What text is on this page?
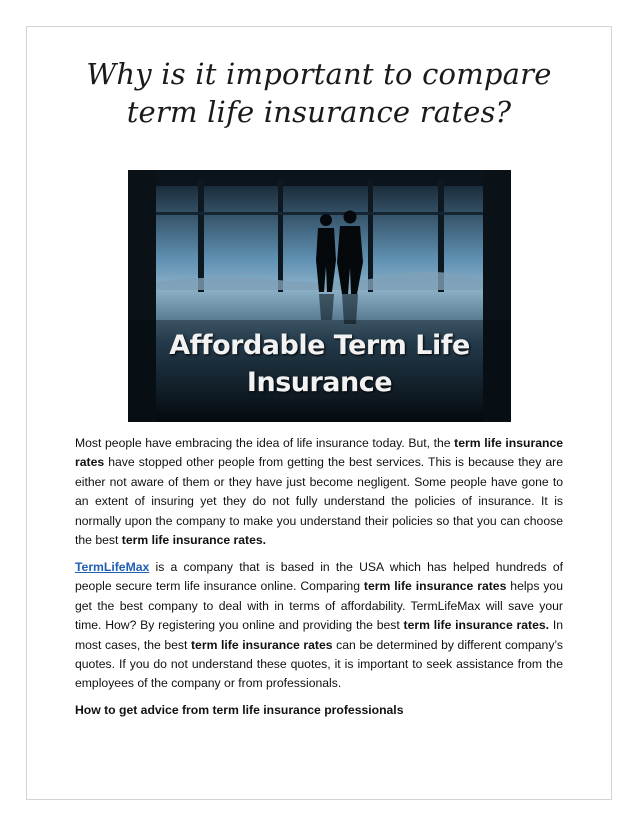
Why is it important to compare
term life insurance rates?
Affordable Term Life
Insurance

Most people have embracing the idea of life insurance today. But, the term life insurance rates have stopped other people from getting the best services. This is because they are either not aware of them or they have just become negligent. Some people have gone to an extent of insuring yet they do not fully understand the policies of insurance. It is normally upon the company to make you understand their policies so that you can choose the best term life insurance rates.

TermLifeMax is a company that is based in the USA which has helped hundreds of people secure term life insurance online. Comparing term life insurance rates helps you get the best company to deal with in terms of affordability. TermLifeMax will save your time. How? By registering you online and providing the best term life insurance rates. In most cases, the best term life insurance rates can be determined by different company’s quotes. If you do not understand these quotes, it is important to seek assistance from the employees of the company or from professionals.

How to get advice from term life insurance professionals
